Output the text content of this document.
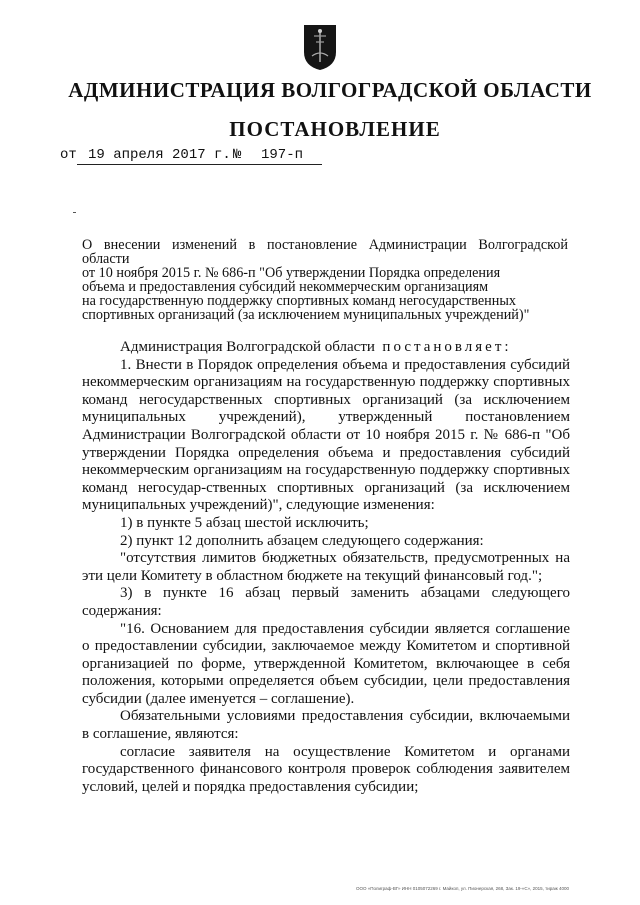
АДМИНИСТРАЦИЯ ВОЛГОГРАДСКОЙ ОБЛАСТИ
ПОСТАНОВЛЕНИЕ
от 19 апреля 2017 г. № 197-п

О внесении изменений в постановление Администрации Волгоградской области

от 10 ноября 2015 г. № 686-п "Об утверждении Порядка определения

объема и предоставления субсидий некоммерческим организациям

на государственную поддержку спортивных команд негосударственных

спортивных организаций (за исключением муниципальных учреждений)"

Администрация Волгоградской области постановляет:

1. Внести в Порядок определения объема и предоставления субсидий некоммерческим организациям на государственную поддержку спортивных команд негосударственных спортивных организаций (за исключением муниципальных учреждений), утвержденный постановлением Администрации Волгоградской области от 10 ноября 2015 г. № 686-п "Об утверждении Порядка определения объема и предоставления субсидий некоммерческим организациям на государственную поддержку спортивных команд негосудар-ственных спортивных организаций (за исключением муниципальных учреждений)", следующие изменения:

1) в пункте 5 абзац шестой исключить;

2) пункт 12 дополнить абзацем следующего содержания:

"отсутствия лимитов бюджетных обязательств, предусмотренных на эти цели Комитету в областном бюджете на текущий финансовый год.";

3) в пункте 16 абзац первый заменить абзацами следующего содержания:

"16. Основанием для предоставления субсидии является соглашение о предоставлении субсидии, заключаемое между Комитетом и спортивной организацией по форме, утвержденной Комитетом, включающее в себя положения, которыми определяется объем субсидии, цели предоставления субсидии (далее именуется – соглашение).

Обязательными условиями предоставления субсидии, включаемыми в соглашение, являются:

согласие заявителя на осуществление Комитетом и органами государственного финансового контроля проверок соблюдения заявителем условий, целей и порядка предоставления субсидии;

ООО «Полиграф-ВГ» ИНН 0105072269 г. Майкоп, ул. Пионерская, 268, Зак. 19-«С», 2015, тираж 4000
